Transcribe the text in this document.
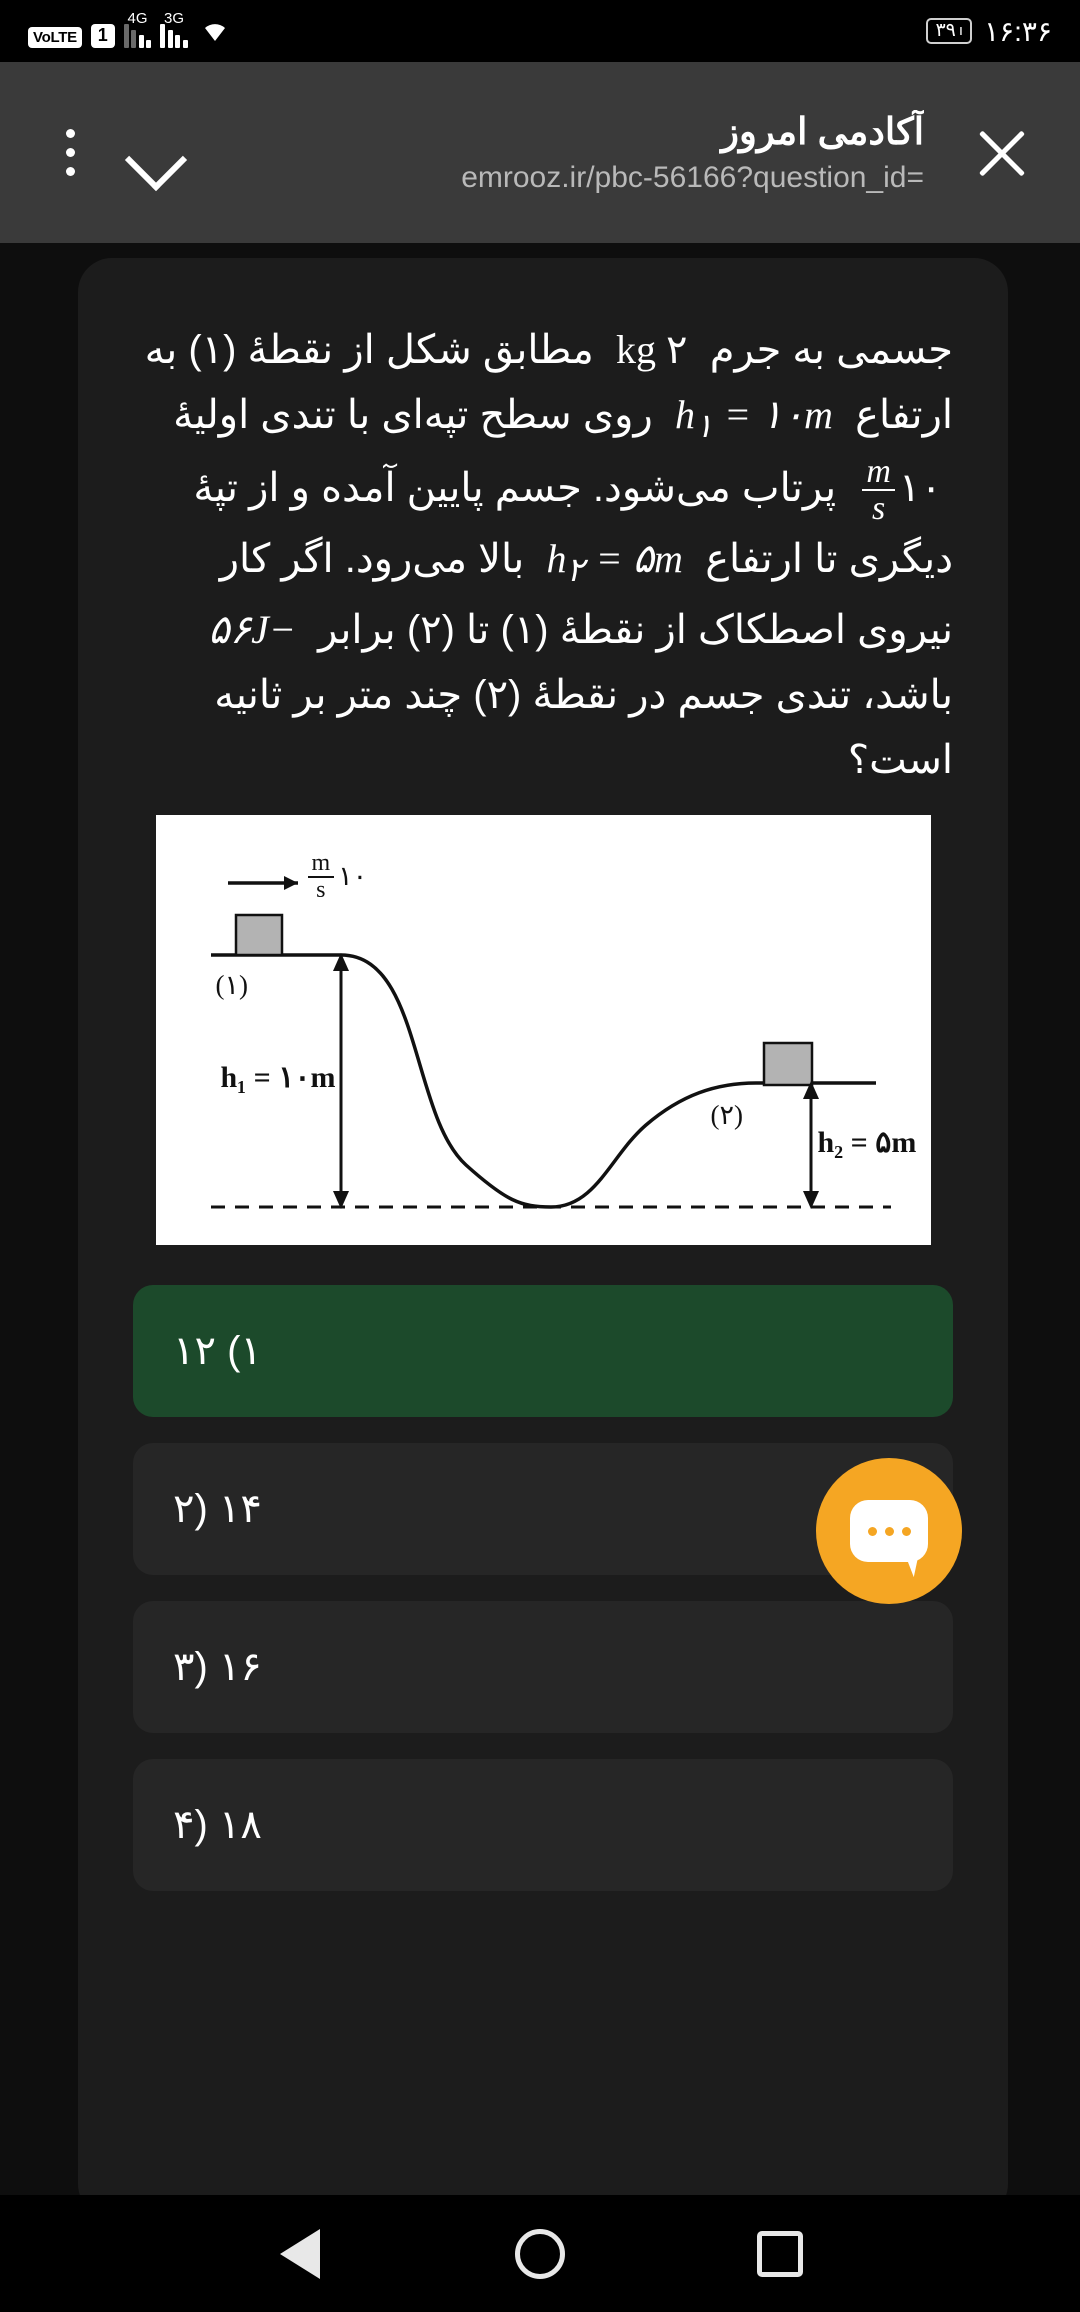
جسمی به جرم  ۲ kg  مطابق شکل از نقطهٔ (۱) به ارتفاع  $h_۱$ = ۱۰m  روی سطح تپه‌ای با تندی اولیهٔ  ۱۰
$\frac{m}{s}$
پرتاب می‌شود. جسم پایین آمده و از تپهٔ دیگری تا ارتفاع  $h_۲$ = ۵m  بالا می‌رود. اگر کار نیروی اصطکاک از نقطهٔ (۱) تا (۲) برابر  −۵۶J  باشد، تندی جسم در نقطهٔ (۲) چند متر بر ثانیه است؟
۱۰
$\frac{m}{s}$
(۱)
(۲)
h₁ = ۱۰m
h₂ = ۵m
۱) ۱۲
۱۴ (۲
۱۶ (۳
۱۸ (۴
آکادمی امروز
emrooz.ir/pbc-56166?question_id=
۱۶:۳۶
ı
۳۹
3G
4G
1
VoLTE
